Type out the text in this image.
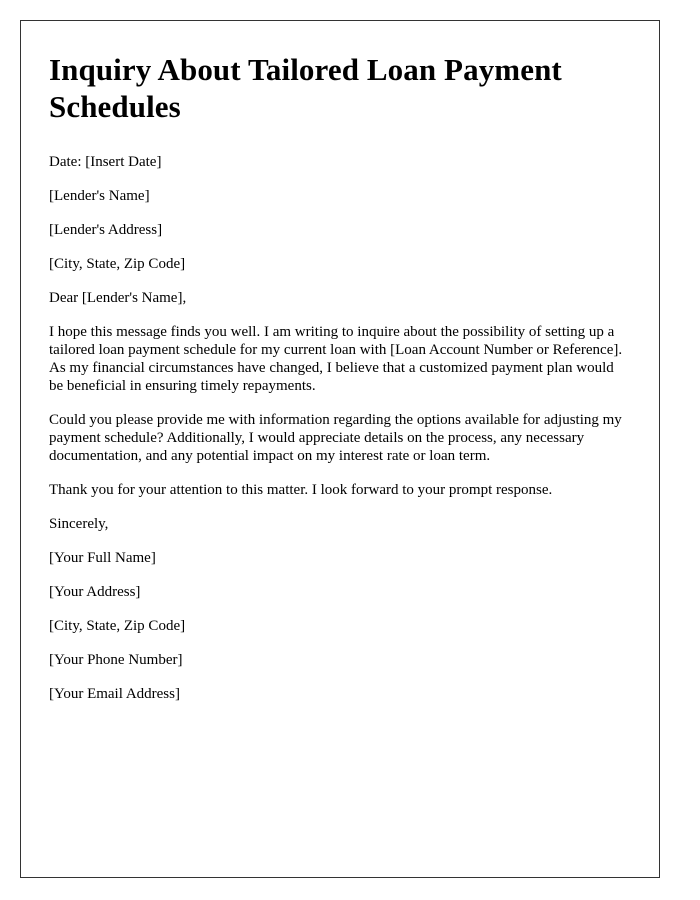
Inquiry About Tailored Loan Payment Schedules

Date: [Insert Date]

[Lender's Name]

[Lender's Address]

[City, State, Zip Code]

Dear [Lender's Name],

I hope this message finds you well. I am writing to inquire about the possibility of setting up a tailored loan payment schedule for my current loan with [Loan Account Number or Reference]. As my financial circumstances have changed, I believe that a customized payment plan would be beneficial in ensuring timely repayments.

Could you please provide me with information regarding the options available for adjusting my payment schedule? Additionally, I would appreciate details on the process, any necessary documentation, and any potential impact on my interest rate or loan term.

Thank you for your attention to this matter. I look forward to your prompt response.

Sincerely,

[Your Full Name]

[Your Address]

[City, State, Zip Code]

[Your Phone Number]

[Your Email Address]
